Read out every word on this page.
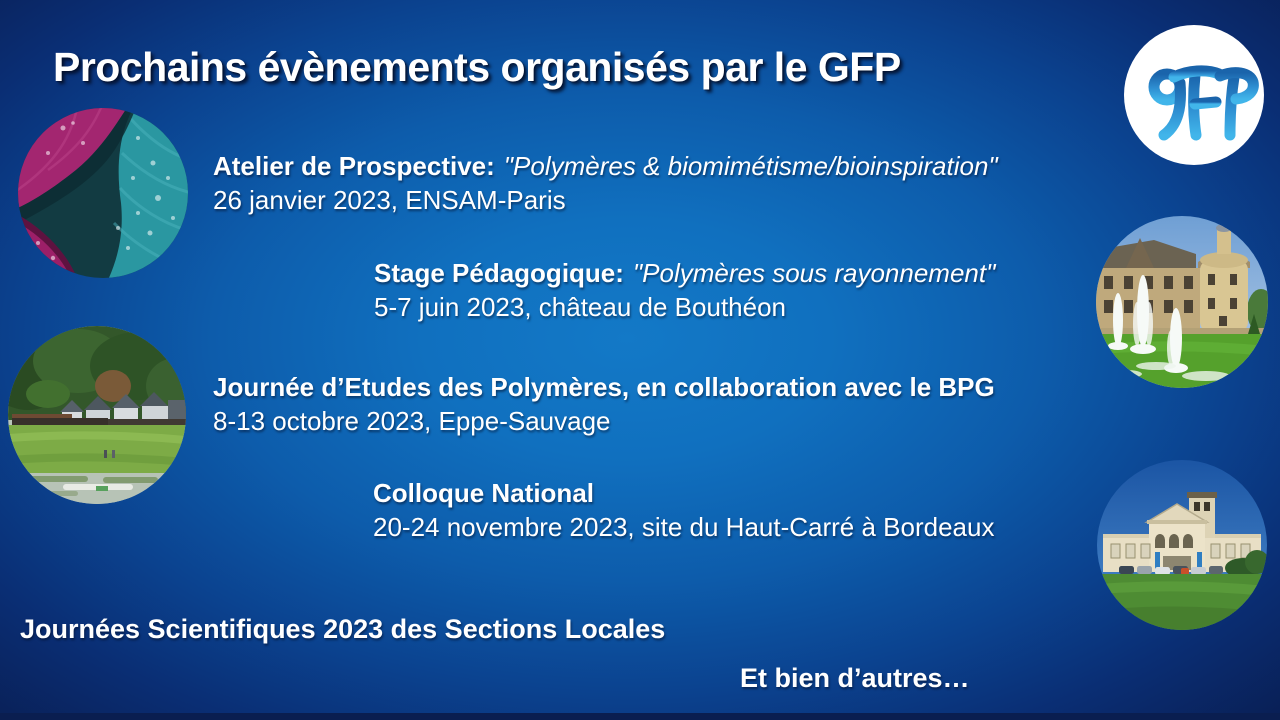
Prochains évènements organisés par le GFP
Atelier de Prospective: "Polymères & biomimétisme/bioinspiration"
26 janvier 2023, ENSAM-Paris
Stage Pédagogique: "Polymères sous rayonnement"
5-7 juin 2023, château de Bouthéon
Journée d’Etudes des Polymères, en collaboration avec le BPG
8-13 octobre 2023, Eppe-Sauvage
Colloque National
20-24 novembre 2023, site du Haut-Carré à Bordeaux
Journées Scientifiques 2023 des Sections Locales
Et bien d’autres…
